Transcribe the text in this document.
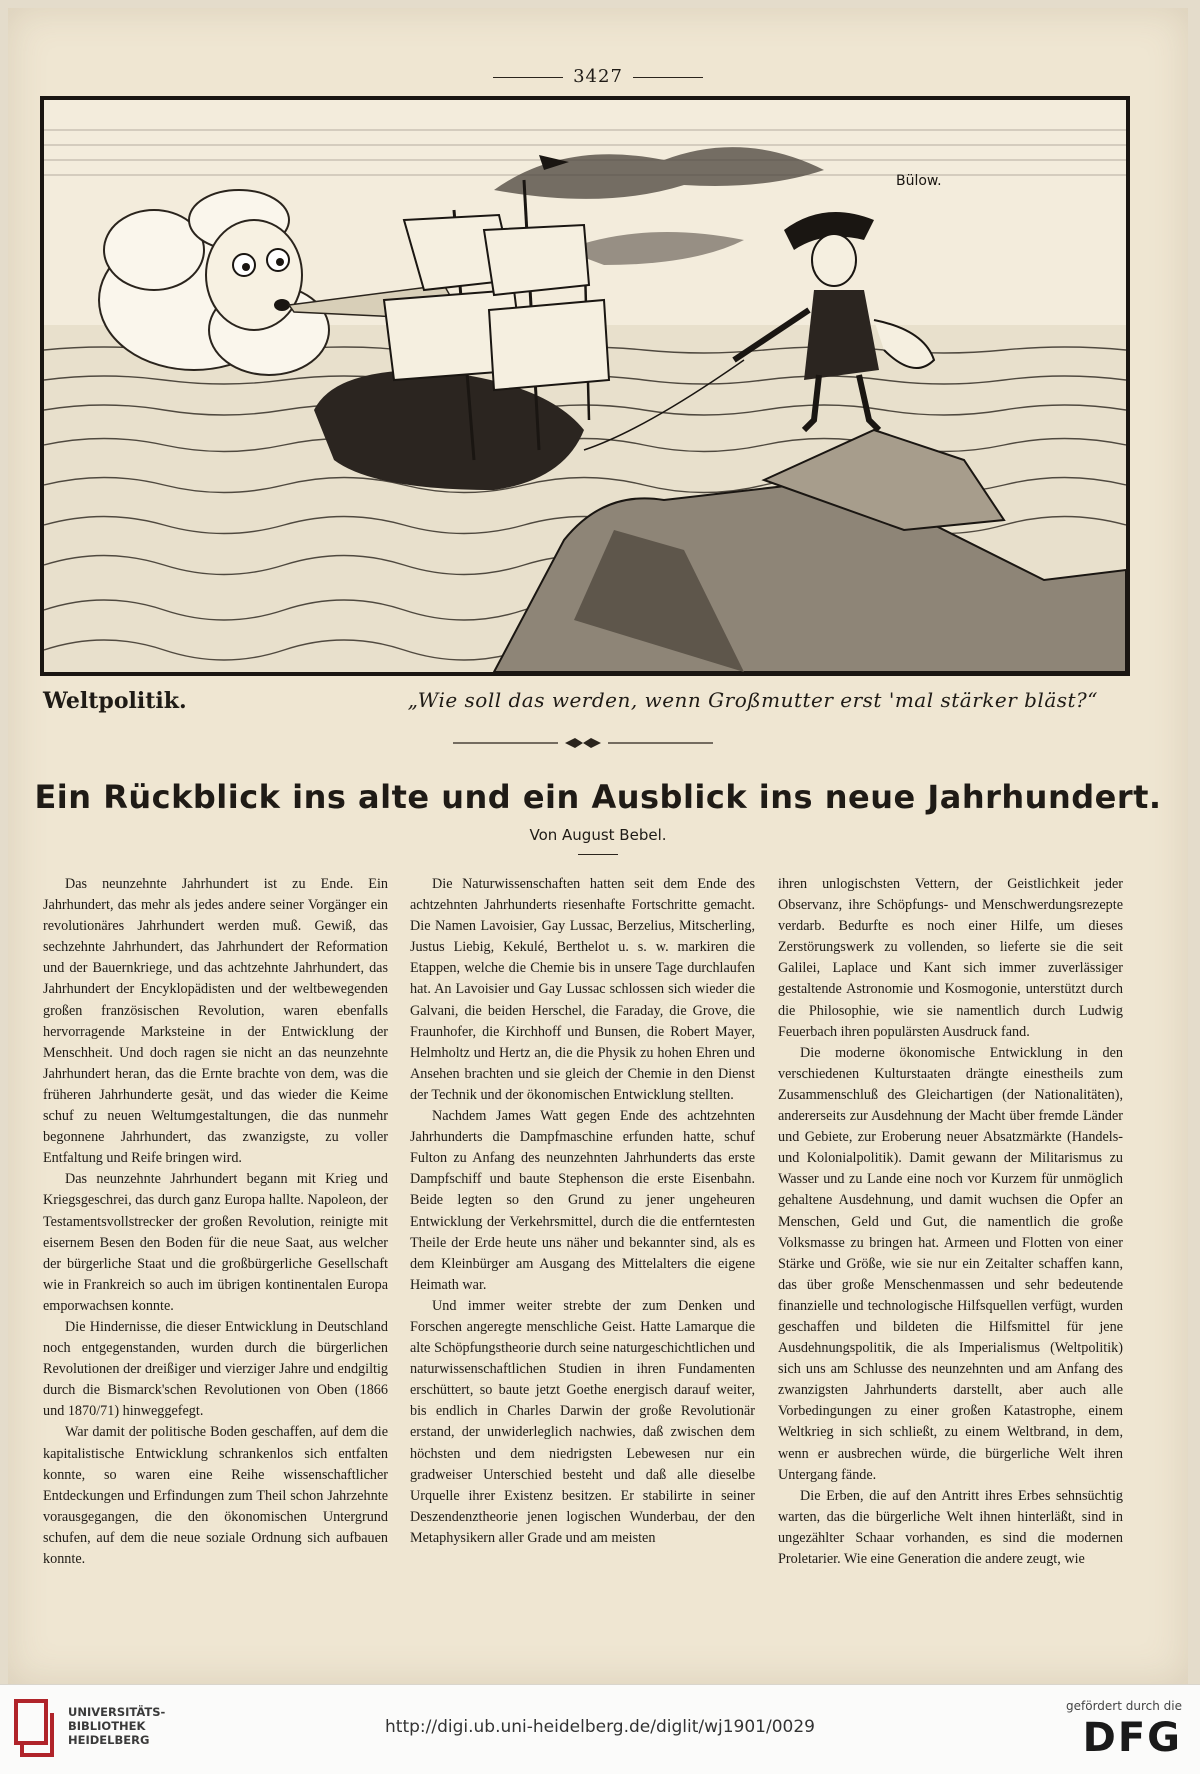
3427
Bülow.
Weltpolitik.	„Wie soll das werden, wenn Großmutter erst 'mal stärker bläst?“
Ein Rückblick ins alte und ein Ausblick ins neue Jahrhundert.
Von August Bebel.

Das neunzehnte Jahrhundert ist zu Ende. Ein Jahrhundert, das mehr als jedes andere seiner Vorgänger ein revolutionäres Jahrhundert werden muß. Gewiß, das sechzehnte Jahrhundert, das Jahrhundert der Reformation und der Bauernkriege, und das achtzehnte Jahrhundert, das Jahrhundert der Encyklopädisten und der weltbewegenden großen französischen Revolution, waren ebenfalls hervorragende Marksteine in der Entwicklung der Menschheit. Und doch ragen sie nicht an das neunzehnte Jahrhundert heran, das die Ernte brachte von dem, was die früheren Jahrhunderte gesät, und das wieder die Keime schuf zu neuen Weltumgestaltungen, die das nunmehr begonnene Jahrhundert, das zwanzigste, zu voller Entfaltung und Reife bringen wird.

Das neunzehnte Jahrhundert begann mit Krieg und Kriegsgeschrei, das durch ganz Europa hallte. Napoleon, der Testamentsvollstrecker der großen Revolution, reinigte mit eisernem Besen den Boden für die neue Saat, aus welcher der bürgerliche Staat und die großbürgerliche Gesellschaft wie in Frankreich so auch im übrigen kontinentalen Europa emporwachsen konnte.

Die Hindernisse, die dieser Entwicklung in Deutschland noch entgegenstanden, wurden durch die bürgerlichen Revolutionen der dreißiger und vierziger Jahre und endgiltig durch die Bismarck'schen Revolutionen von Oben (1866 und 1870/71) hinweggefegt.

War damit der politische Boden geschaffen, auf dem die kapitalistische Entwicklung schrankenlos sich entfalten konnte, so waren eine Reihe wissenschaftlicher Entdeckungen und Erfindungen zum Theil schon Jahrzehnte vorausgegangen, die den ökonomischen Untergrund schufen, auf dem die neue soziale Ordnung sich aufbauen konnte.

Die Naturwissenschaften hatten seit dem Ende des achtzehnten Jahrhunderts riesenhafte Fortschritte gemacht. Die Namen Lavoisier, Gay Lussac, Berzelius, Mitscherling, Justus Liebig, Kekulé, Berthelot u. s. w. markiren die Etappen, welche die Chemie bis in unsere Tage durchlaufen hat. An Lavoisier und Gay Lussac schlossen sich wieder die Galvani, die beiden Herschel, die Faraday, die Grove, die Fraunhofer, die Kirchhoff und Bunsen, die Robert Mayer, Helmholtz und Hertz an, die die Physik zu hohen Ehren und Ansehen brachten und sie gleich der Chemie in den Dienst der Technik und der ökonomischen Entwicklung stellten.

Nachdem James Watt gegen Ende des achtzehnten Jahrhunderts die Dampfmaschine erfunden hatte, schuf Fulton zu Anfang des neunzehnten Jahrhunderts das erste Dampfschiff und baute Stephenson die erste Eisenbahn. Beide legten so den Grund zu jener ungeheuren Entwicklung der Verkehrsmittel, durch die die entferntesten Theile der Erde heute uns näher und bekannter sind, als es dem Kleinbürger am Ausgang des Mittelalters die eigene Heimath war.

Und immer weiter strebte der zum Denken und Forschen angeregte menschliche Geist. Hatte Lamarque die alte Schöpfungstheorie durch seine naturgeschichtlichen und naturwissenschaftlichen Studien in ihren Fundamenten erschüttert, so baute jetzt Goethe energisch darauf weiter, bis endlich in Charles Darwin der große Revolutionär erstand, der unwiderleglich nachwies, daß zwischen dem höchsten und dem niedrigsten Lebewesen nur ein gradweiser Unterschied besteht und daß alle dieselbe Urquelle ihrer Existenz besitzen. Er stabilirte in seiner Deszendenztheorie jenen logischen Wunderbau, der den Metaphysikern aller Grade und am meisten

ihren unlogischsten Vettern, der Geistlichkeit jeder Observanz, ihre Schöpfungs- und Menschwerdungsrezepte verdarb. Bedurfte es noch einer Hilfe, um dieses Zerstörungswerk zu vollenden, so lieferte sie die seit Galilei, Laplace und Kant sich immer zuverlässiger gestaltende Astronomie und Kosmogonie, unterstützt durch die Philosophie, wie sie namentlich durch Ludwig Feuerbach ihren populärsten Ausdruck fand.

Die moderne ökonomische Entwicklung in den verschiedenen Kulturstaaten drängte einestheils zum Zusammenschluß des Gleichartigen (der Nationalitäten), andererseits zur Ausdehnung der Macht über fremde Länder und Gebiete, zur Eroberung neuer Absatzmärkte (Handels- und Kolonialpolitik). Damit gewann der Militarismus zu Wasser und zu Lande eine noch vor Kurzem für unmöglich gehaltene Ausdehnung, und damit wuchsen die Opfer an Menschen, Geld und Gut, die namentlich die große Volksmasse zu bringen hat. Armeen und Flotten von einer Stärke und Größe, wie sie nur ein Zeitalter schaffen kann, das über große Menschenmassen und sehr bedeutende finanzielle und technologische Hilfsquellen verfügt, wurden geschaffen und bildeten die Hilfsmittel für jene Ausdehnungspolitik, die als Imperialismus (Weltpolitik) sich uns am Schlusse des neunzehnten und am Anfang des zwanzigsten Jahrhunderts darstellt, aber auch alle Vorbedingungen zu einer großen Katastrophe, einem Weltkrieg in sich schließt, zu einem Weltbrand, in dem, wenn er ausbrechen würde, die bürgerliche Welt ihren Untergang fände.

Die Erben, die auf den Antritt ihres Erbes sehnsüchtig warten, das die bürgerliche Welt ihnen hinterläßt, sind in ungezählter Schaar vorhanden, es sind die modernen Proletarier. Wie eine Generation die andere zeugt, wie

UNIVERSITÄTS-
BIBLIOTHEK
HEIDELBERG
http://digi.ub.uni-heidelberg.de/diglit/wj1901/0029
gefördert durch die
DFG
